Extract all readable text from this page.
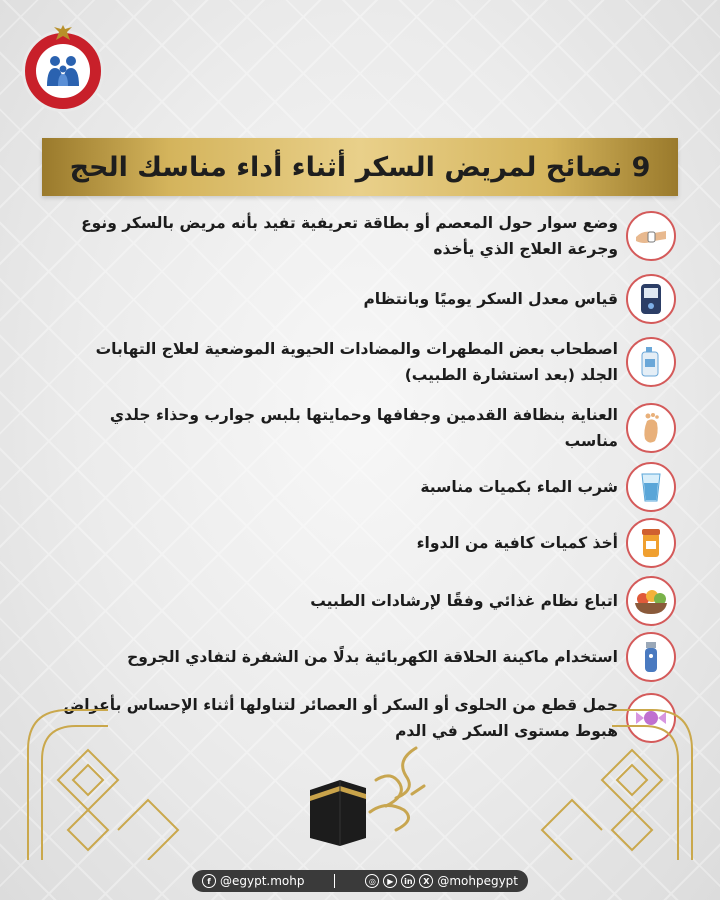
9 نصائح لمريض السكر أثناء أداء مناسك الحج
وضع سوار حول المعصم أو بطاقة تعريفية تفيد بأنه مريض بالسكر ونوع وجرعة العلاج الذي يأخذه
قياس معدل السكر يوميًا وبانتظام
اصطحاب بعض المطهرات والمضادات الحيوية الموضعية لعلاج التهابات الجلد (بعد استشارة الطبيب)
العناية بنظافة القدمين وجفافها وحمايتها بلبس جوارب وحذاء جلدي مناسب
شرب الماء بكميات مناسبة
أخذ كميات كافية من الدواء
اتباع نظام غذائي وفقًا لإرشادات الطبيب
استخدام ماكينة الحلاقة الكهربائية بدلًا من الشفرة لتفادي الجروح
حمل قطع من الحلوى أو السكر أو العصائر لتناولها أثناء الإحساس بأعراض هبوط مستوى السكر في الدم
f @egypt.mohp	◎	▶	in	X @mohpegypt
